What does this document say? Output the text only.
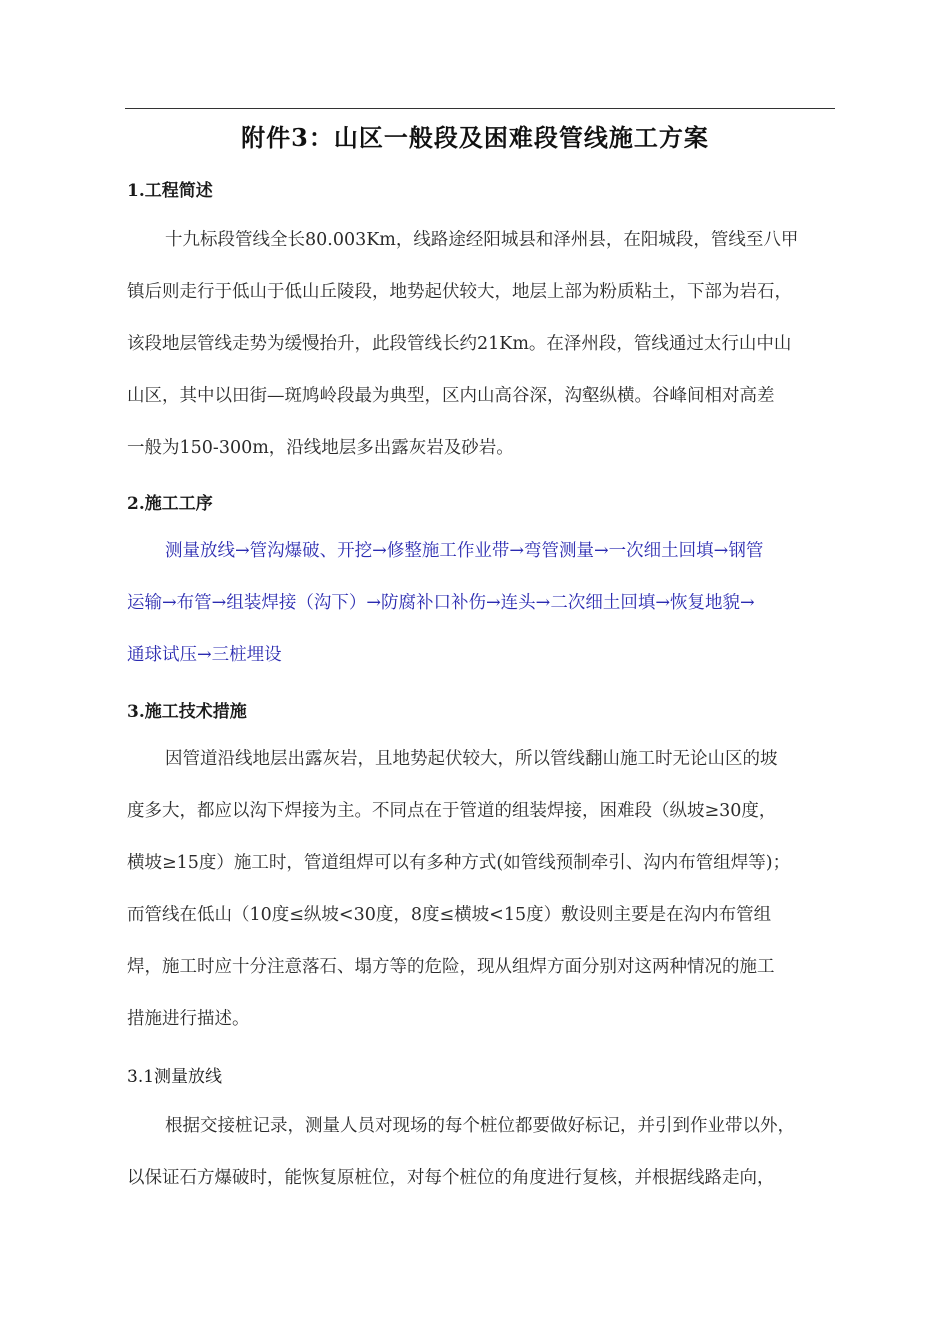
附件3：山区一般段及困难段管线施工方案
1.工程简述
十九标段管线全长80.003Km，线路途经阳城县和泽州县，在阳城段，管线至八甲
镇后则走行于低山于低山丘陵段，地势起伏较大，地层上部为粉质粘土，下部为岩石，
该段地层管线走势为缓慢抬升，此段管线长约21Km。在泽州段，管线通过太行山中山
山区，其中以田街—斑鸠岭段最为典型，区内山高谷深，沟壑纵横。谷峰间相对高差
一般为150-300m，沿线地层多出露灰岩及砂岩。
2.施工工序
测量放线→管沟爆破、开挖→修整施工作业带→弯管测量→一次细土回填→钢管
运输→布管→组装焊接（沟下）→防腐补口补伤→连头→二次细土回填→恢复地貌→
通球试压→三桩埋设
3.施工技术措施
因管道沿线地层出露灰岩，且地势起伏较大，所以管线翻山施工时无论山区的坡
度多大，都应以沟下焊接为主。不同点在于管道的组装焊接，困难段（纵坡≥30度，
横坡≥15度）施工时，管道组焊可以有多种方式(如管线预制牵引、沟内布管组焊等)；
而管线在低山（10度≤纵坡<30度，8度≤横坡<15度）敷设则主要是在沟内布管组
焊，施工时应十分注意落石、塌方等的危险，现从组焊方面分别对这两种情况的施工
措施进行描述。
3.1测量放线
根据交接桩记录，测量人员对现场的每个桩位都要做好标记，并引到作业带以外，
以保证石方爆破时，能恢复原桩位，对每个桩位的角度进行复核，并根据线路走向，
